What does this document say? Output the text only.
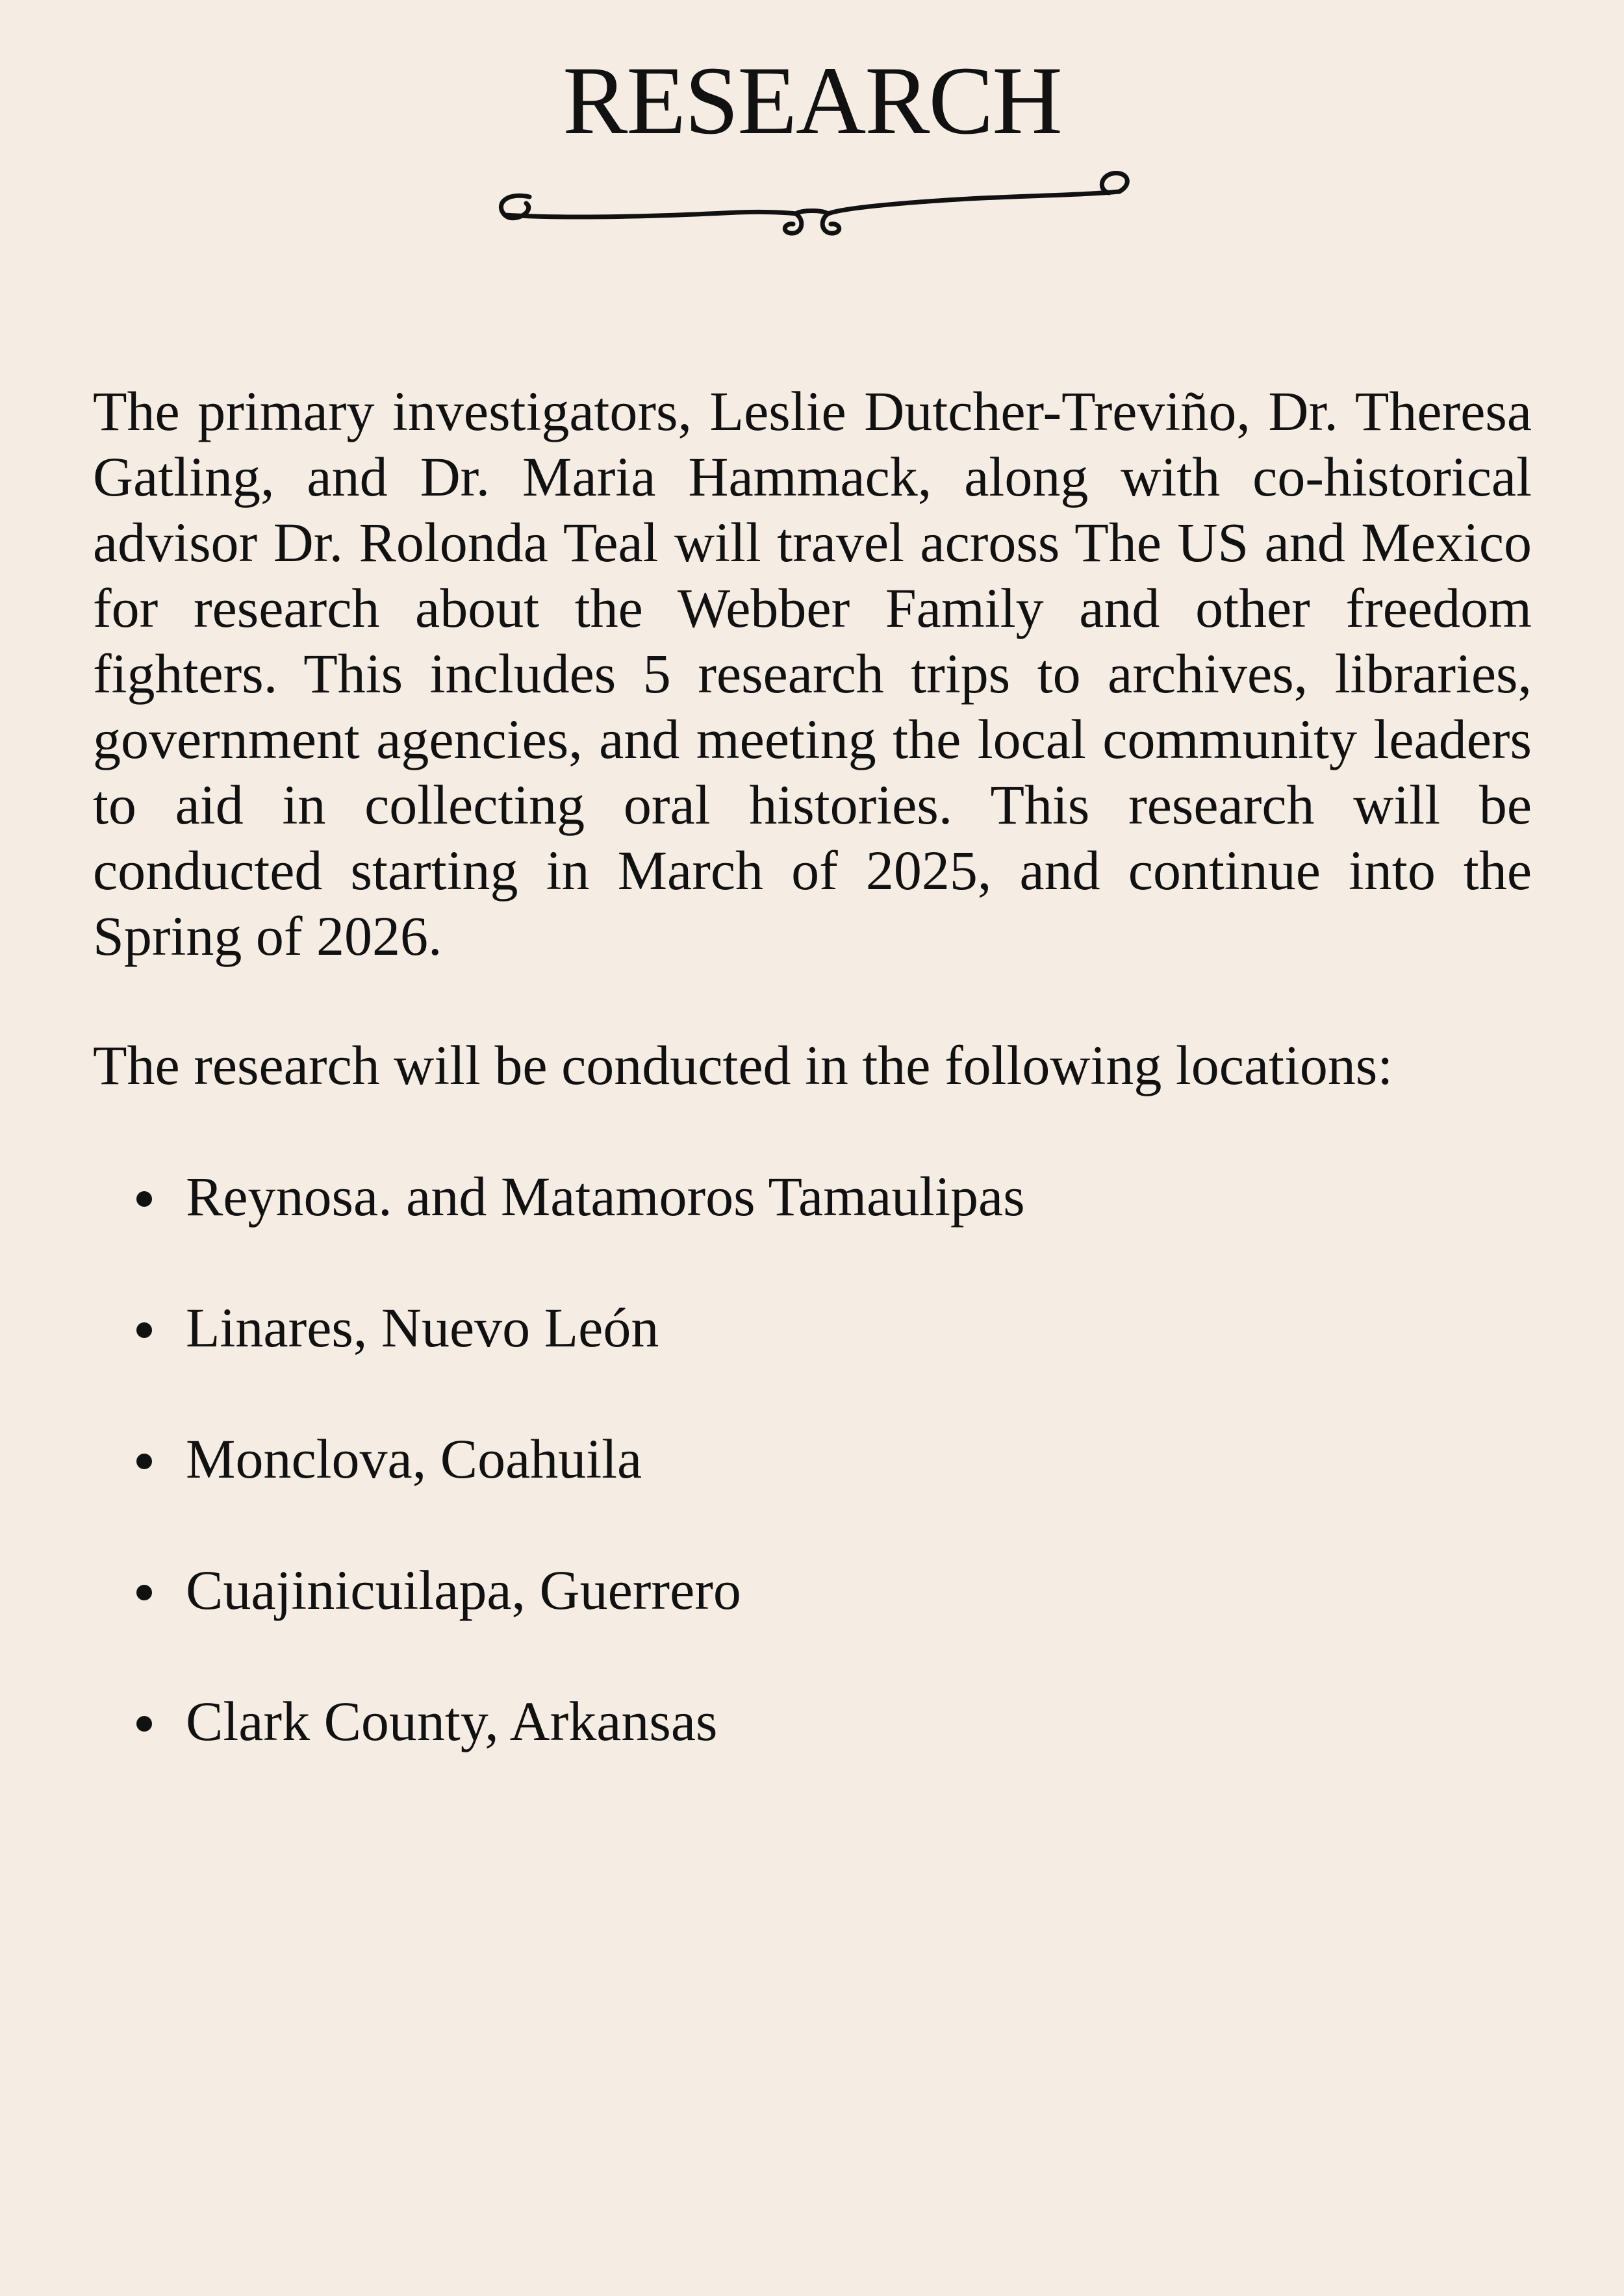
RESEARCH

The primary investigators, Leslie Dutcher-Treviño, Dr. Theresa Gatling, and Dr. Maria Hammack, along with co-historical advisor Dr. Rolonda Teal will travel across The US and Mexico for research about the Webber Family and other freedom fighters. This includes 5 research trips to archives, libraries, government agencies, and meeting the local community leaders to aid in collecting oral histories. This research will be conducted starting in March of 2025, and continue into the Spring of 2026.

The research will be conducted in the following locations:

Reynosa. and Matamoros Tamaulipas
Linares, Nuevo León
Monclova, Coahuila
Cuajinicuilapa, Guerrero
Clark County, Arkansas
